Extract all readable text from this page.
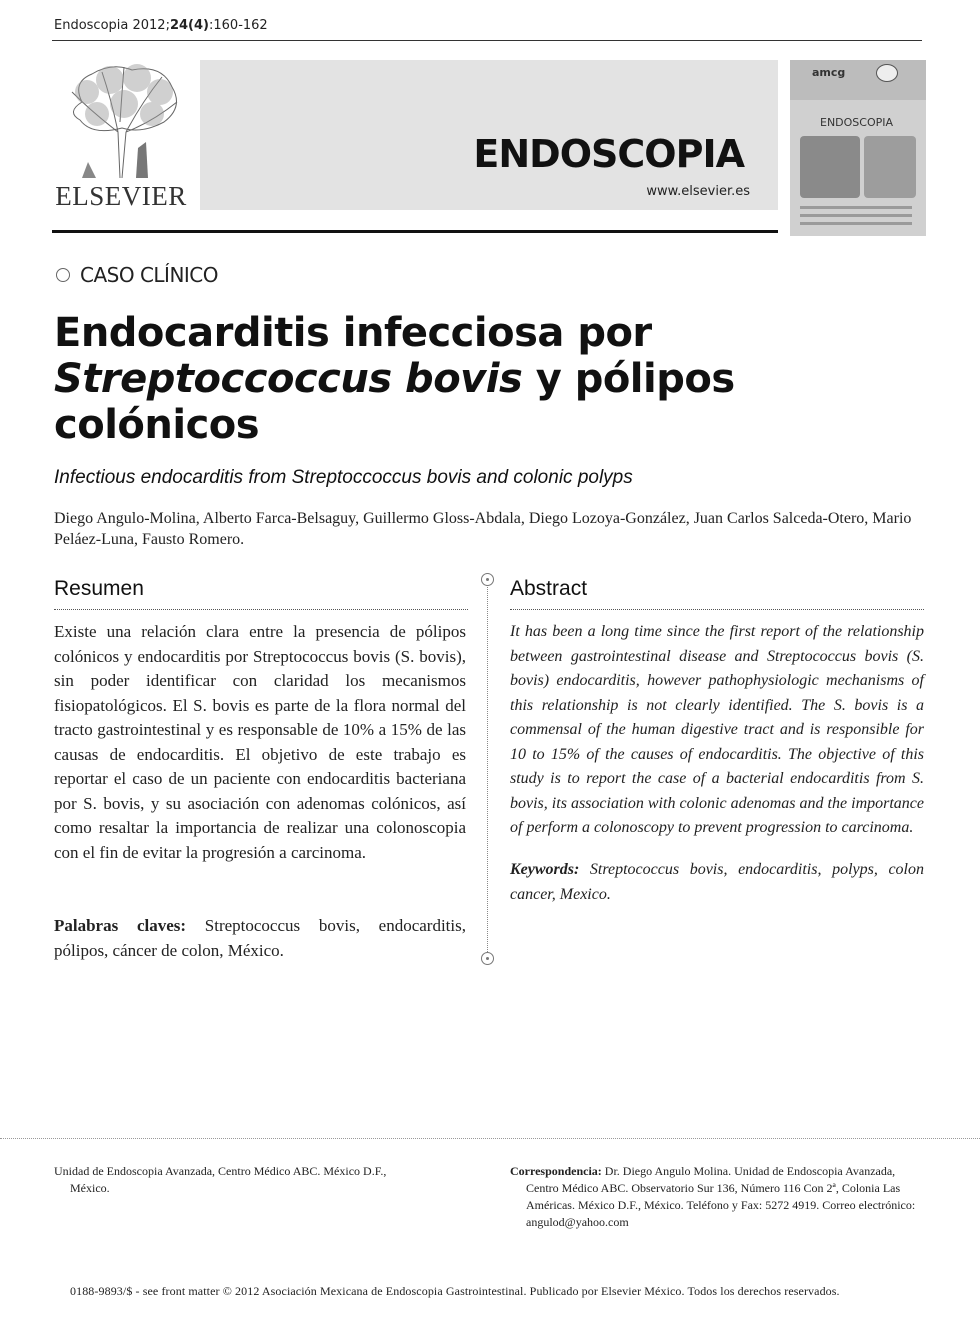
Endoscopia 2012;24(4):160-162
ELSEVIER
ENDOSCOPIA
www.elsevier.es
amcg
ENDOSCOPIA
CASO CLÍNICO
Endocarditis infecciosa por Streptoccoccus bovis y pólipos colónicos
Infectious endocarditis from Streptoccoccus bovis and colonic polyps
Diego Angulo-Molina, Alberto Farca-Belsaguy, Guillermo Gloss-Abdala, Diego Lozoya-González, Juan Carlos Salceda-Otero, Mario Peláez-Luna, Fausto Romero.
Resumen
Existe una relación clara entre la presencia de pólipos colónicos y endocarditis por Streptococcus bovis (S. bovis), sin poder identificar con claridad los mecanismos fisiopatológicos. El S. bovis es parte de la flora normal del tracto gastrointestinal y es responsable de 10% a 15% de las causas de endocarditis. El objetivo de este trabajo es reportar el caso de un paciente con endocarditis bacteriana por S. bovis, y su asociación con adenomas colónicos, así como resaltar la importancia de realizar una colonoscopia con el fin de evitar la progresión a carcinoma.
Palabras claves: Streptococcus bovis, endocarditis, pólipos, cáncer de colon, México.
Abstract
It has been a long time since the first report of the relationship between gastrointestinal disease and Streptococcus bovis (S. bovis) endocarditis, however pathophysiologic mechanisms of this relationship is not clearly identified. The S. bovis is a commensal of the human digestive tract and is responsible for 10 to 15% of the causes of endocarditis. The objective of this study is to report the case of a bacterial endocarditis from S. bovis, its association with colonic adenomas and the importance of perform a colonoscopy to prevent progression to carcinoma.
Keywords: Streptococcus bovis, endocarditis, polyps, colon cancer, Mexico.
Unidad de Endoscopia Avanzada, Centro Médico ABC. México D.F.,
México.
Correspondencia: Dr. Diego Angulo Molina. Unidad de Endoscopia Avanzada,
Centro Médico ABC. Observatorio Sur 136, Número 116 Con 2ª, Colonia Las Américas. México D.F., México. Teléfono y Fax: 5272 4919. Correo electrónico: angulod@yahoo.com
0188-9893/$ - see front matter © 2012 Asociación Mexicana de Endoscopia Gastrointestinal. Publicado por Elsevier México. Todos los derechos reservados.
